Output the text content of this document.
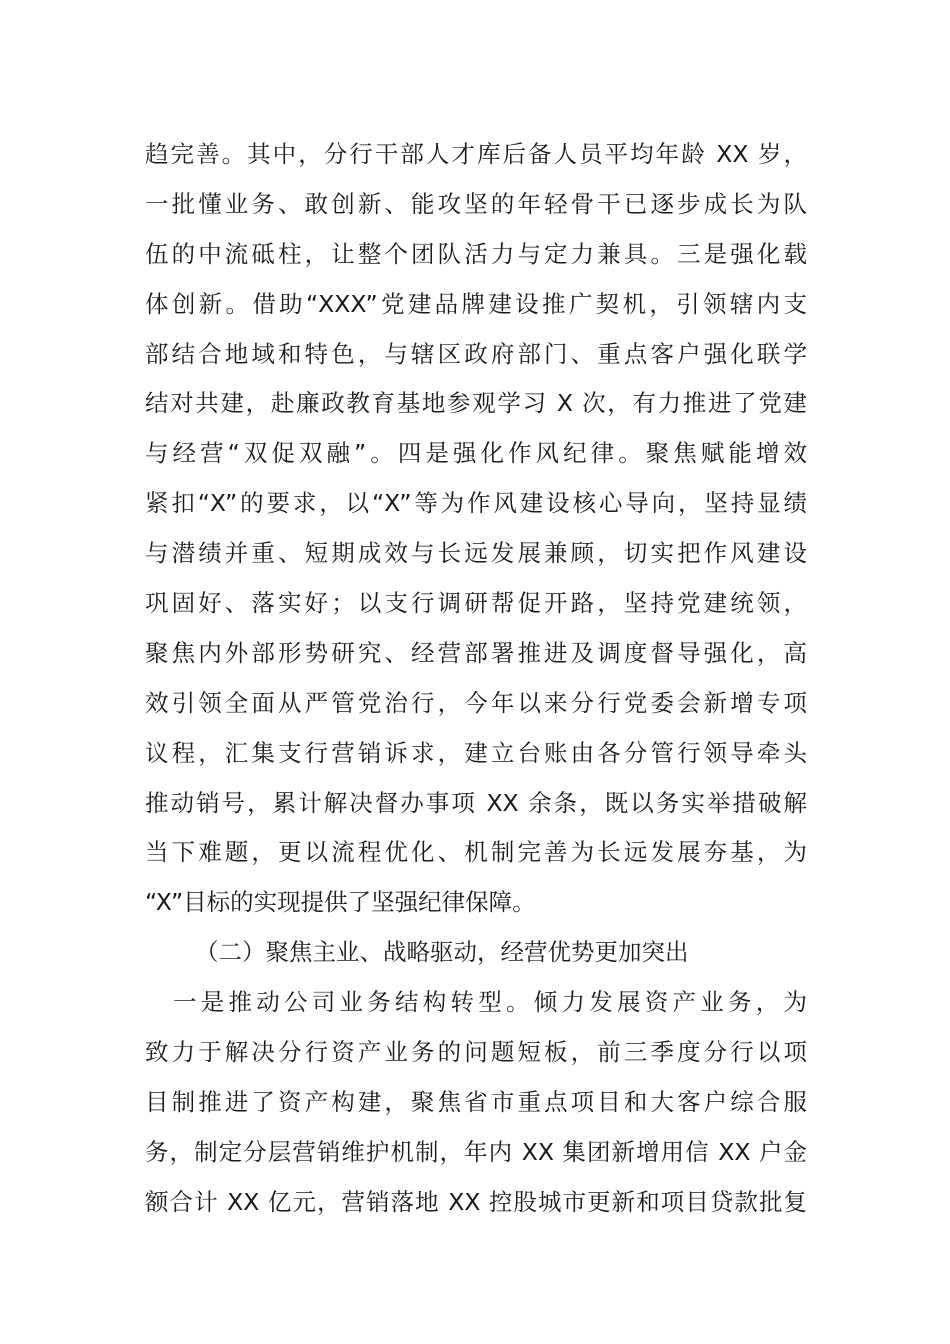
趋完善。其中，分行干部人才库后备人员平均年龄 XX 岁，
一批懂业务、敢创新、能攻坚的年轻骨干已逐步成长为队
伍的中流砥柱，让整个团队活力与定力兼具。三是强化载
体创新。借助“XXX”党建品牌建设推广契机，引领辖内支
部结合地域和特色，与辖区政府部门、重点客户强化联学
结对共建，赴廉政教育基地参观学习 X 次，有力推进了党建
与经营“双促双融”。四是强化作风纪律。聚焦赋能增效
紧扣“X”的要求，以“X”等为作风建设核心导向，坚持显绩
与潜绩并重、短期成效与长远发展兼顾，切实把作风建设
巩固好、落实好；以支行调研帮促开路，坚持党建统领，
聚焦内外部形势研究、经营部署推进及调度督导强化，高
效引领全面从严管党治行，今年以来分行党委会新增专项
议程，汇集支行营销诉求，建立台账由各分管行领导牵头
推动销号，累计解决督办事项 XX 余条，既以务实举措破解
当下难题，更以流程优化、机制完善为长远发展夯基，为
“X”目标的实现提供了坚强纪律保障。
（二）聚焦主业、战略驱动，经营优势更加突出
一是推动公司业务结构转型。倾力发展资产业务，为
致力于解决分行资产业务的问题短板，前三季度分行以项
目制推进了资产构建，聚焦省市重点项目和大客户综合服
务，制定分层营销维护机制，年内 XX 集团新增用信 XX 户金
额合计 XX 亿元，营销落地 XX 控股城市更新和项目贷款批复
